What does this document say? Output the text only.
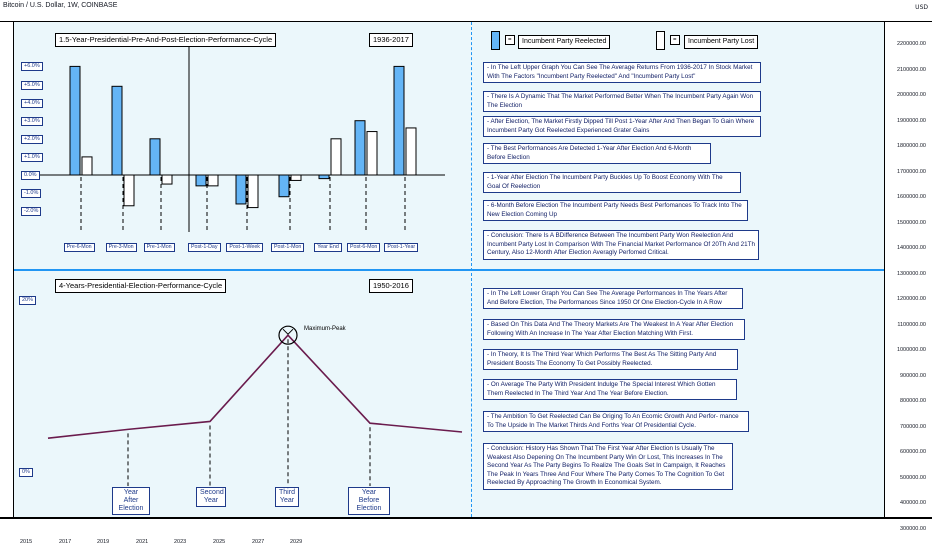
Bitcoin / U.S. Dollar, 1W, COINBASE	USD
1.5-Year-Presidential-Pre-And-Post-Election-Performance-Cycle	1936-2017
+6.0%
+5.0%
+4.0%
+3.0%
+2.0%
+1.0%
0.0%
-1.0%
-2.0%
Pre-6-Mon	Pre-3-Mon	Pre-1-Mon	Post-1-Day	Post-1-Week	Post-1-Mon	Year End	Post-6-Mon	Post-1-Year
=	Incumbent Party Reelected	=	Incumbent Party Lost
- In The Left Upper Graph You Can See The Average Returns From 1936-2017 In Stock Market With The Factors "Incumbent Party Reelected" And "Incumbent Party Lost"
- There Is A Dynamic That The Market Performed Better When The Incumbent Party Again Won The Election
- After Election, The Market Firstly Dipped Till Post 1-Year After And Then Began To Gain Where Incumbent Party Got Reelected Experienced Grater Gains
- The Best Performances Are Detected 1-Year After Election And 6-Month Before Election
- 1-Year After Election The Incumbent Party Buckles Up To Boost Economy With The Goal Of Reelection
- 6-Month Before Election The Incumbent Party Needs Best Perfomances To Track Into The New Election Coming Up
- Conclusion: There Is A BDifference Between The Incumbent Party Won Reelection And Incumbent Party Lost In Comparison With The Financial Market Performance Of 20Th And 21Th Century, Also 12-Month After Election Averagly Perfomed Critical.
4-Years-Presidential-Election-Performance-Cycle	1950-2016
20%
0%
Maximum-Peak
Year After Election
Second Year
Third Year
Year Before Election
- In The Left Lower Graph You Can See The Average Performances In The Years After And Before Election, The Performances Since 1950 Of One Election-Cycle In A Row
- Based On This Data And The Theory Markets Are The Weakest In A Year After Election Following With An Increase In The Year After Election Matching With First.
- In Theory, It Is The Third Year Which Performs The Best As The Sitting Party And President Boosts The Economy To Get Possibly Reelected.
- On Average The Party With President Indulge The Special Interest Which Gotten Them Reelected In The Third Year And The Year Before Election.
- The Ambition To Get Reelected Can Be Origing To An Ecomic Growth And Perfor- mance To The Upside In The Market Thirds And Forths Year Of Presidential Cycle.
- Conclusion: History Has Shown That The First Year After Election Is Usually The Weakest Also Depening On The Incumbent Party Win Or Lost, This Increases In The Second Year As The Party Begins To Realize The Goals Set In Campaign, It Reaches The Peak In Years Three And Four Where The Party Comes To The Cognition To Get Reelected By Approaching The Growth In Economical System.
2200000.00
2100000.00
2000000.00
1900000.00
1800000.00
1700000.00
1600000.00
1500000.00
1400000.00
1300000.00
1200000.00
1100000.00
1000000.00
900000.00
800000.00
700000.00
600000.00
500000.00
400000.00
300000.00
2015	2017	2019	2021	2023	2025	2027	2029
